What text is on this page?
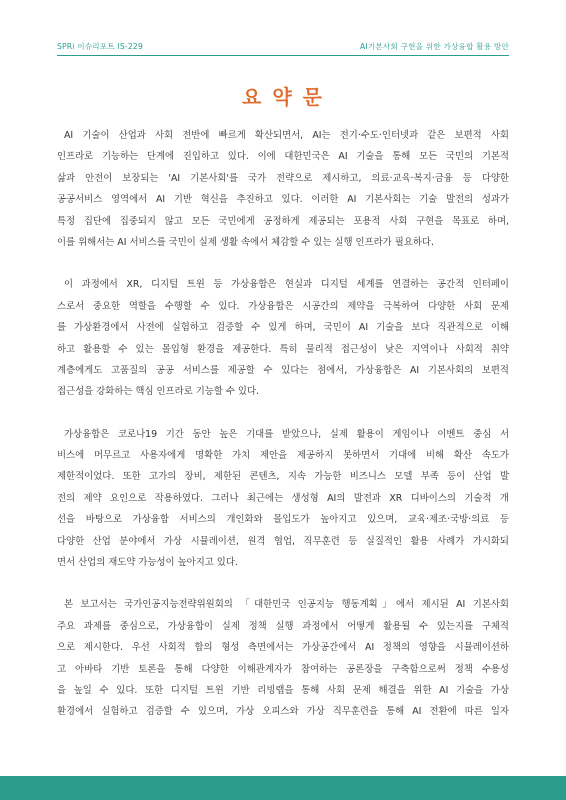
SPRi 이슈리포트 IS-229	AI기본사회 구현을 위한 가상융합 활용 방안
요 약 문
AI 기술이 산업과 사회 전반에 빠르게 확산되면서, AI는 전기·수도·인터넷과 같은 보편적 사회
인프라로 기능하는 단계에 진입하고 있다. 이에 대한민국은 AI 기술을 통해 모든 국민의 기본적
삶과 안전이 보장되는 'AI 기본사회'를 국가 전략으로 제시하고, 의료·교육·복지·금융 등 다양한
공공서비스 영역에서 AI 기반 혁신을 추진하고 있다. 이러한 AI 기본사회는 기술 발전의 성과가
특정 집단에 집중되지 않고 모든 국민에게 공정하게 제공되는 포용적 사회 구현을 목표로 하며,
이를 위해서는 AI 서비스를 국민이 실제 생활 속에서 체감할 수 있는 실행 인프라가 필요하다.
이 과정에서 XR, 디지털 트윈 등 가상융합은 현실과 디지털 세계를 연결하는 공간적 인터페이
스로서 중요한 역할을 수행할 수 있다. 가상융합은 시공간의 제약을 극복하여 다양한 사회 문제
를 가상환경에서 사전에 실험하고 검증할 수 있게 하며, 국민이 AI 기술을 보다 직관적으로 이해
하고 활용할 수 있는 몰입형 환경을 제공한다. 특히 물리적 접근성이 낮은 지역이나 사회적 취약
계층에게도 고품질의 공공 서비스를 제공할 수 있다는 점에서, 가상융합은 AI 기본사회의 보편적
접근성을 강화하는 핵심 인프라로 기능할 수 있다.
가상융합은 코로나19 기간 동안 높은 기대를 받았으나, 실제 활용이 게임이나 이벤트 중심 서
비스에 머무르고 사용자에게 명확한 가치 제안을 제공하지 못하면서 기대에 비해 확산 속도가
제한적이었다. 또한 고가의 장비, 제한된 콘텐츠, 지속 가능한 비즈니스 모델 부족 등이 산업 발
전의 제약 요인으로 작용하였다. 그러나 최근에는 생성형 AI의 발전과 XR 디바이스의 기술적 개
선을 바탕으로 가상융합 서비스의 개인화와 몰입도가 높아지고 있으며, 교육·제조·국방·의료 등
다양한 산업 분야에서 가상 시뮬레이션, 원격 협업, 직무훈련 등 실질적인 활용 사례가 가시화되
면서 산업의 재도약 가능성이 높아지고 있다.
본 보고서는 국가인공지능전략위원회의 「대한민국 인공지능 행동계획」에서 제시된 AI 기본사회
주요 과제를 중심으로, 가상융합이 실제 정책 실행 과정에서 어떻게 활용될 수 있는지를 구체적
으로 제시한다. 우선 사회적 합의 형성 측면에서는 가상공간에서 AI 정책의 영향을 시뮬레이션하
고 아바타 기반 토론을 통해 다양한 이해관계자가 참여하는 공론장을 구축함으로써 정책 수용성
을 높일 수 있다. 또한 디지털 트윈 기반 리빙랩을 통해 사회 문제 해결을 위한 AI 기술을 가상
환경에서 실험하고 검증할 수 있으며, 가상 오피스와 가상 직무훈련을 통해 AI 전환에 따른 일자
